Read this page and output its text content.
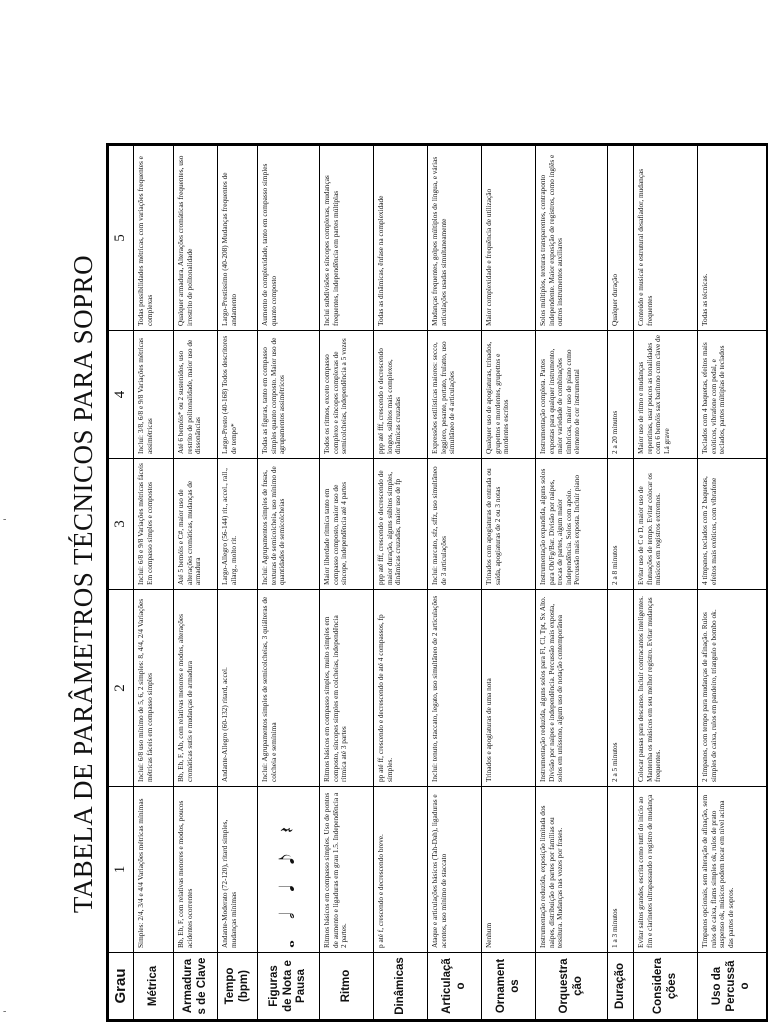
-
-
TABELA DE PARÂMETROS TÉCNICOS PARA SOPRO
Grau	1	2	3	4	5
Métrica	Simples: 2/4, 3/4 e 4/4 Variações métricas mínimas	Inclui: 6/8 uso mínimo de 5, 6, 2 simples: 8, 4/4, 2/4 Variações métricas fáceis em compasso simples	Inclui: 6/8 e 9/8 Variações métricas fáceis Em compasso simples e compostos	Inclui: 3/8, 6/8 e 9/8 Variações métricas assimétricas	Todas possibilidades métricas, com variações frequentes e complexas
Armaduras de Clave	Bb, Eb, F, com relativas menores e modos, poucos acidentes ocorrentes	Bb, Eb, F, Ab, com relativas menores e modos, alterações cromáticas sutis e mudanças de armadura	Até 5 bemóis e C#, maior uso de alterações cromáticas, mudanças de armadura	Até 6 bemóis* ou 2 sustenidos, uso restrito de politonalidade, maior uso de dissonâncias	Qualquer armadura, Alterações cromáticas frequentes, uso irrestrito de politonalidade
Tempo (bpm)	Andante-Moderato (72-120), ritard simples, mudanças mínimas	Andante-Allegro (60-132) ritard, accel.	Largo-Allegro (56-144) rit., accel., rall., allarg., molto rit.	Largo-Presto (40-168) Todos descritores de tempo*	Largo-Prestíssimo (40-208) Mudanças frequentes de andamento
Figuras de Nota e Pausa	𝅝 𝅗𝅥 𝅘𝅥 𝅘𝅥𝅮 𝄽	Inclui: Agrupamentos simples de semicolcheias, 3 quiálteras de colcheia e semínima	Inclui: Agrupamentos simples de fusas, texturas de semicolcheia, uso mínimo de quantidades de semicolcheias	Todas as figuras, tanto em compasso simples quanto composto. Maior uso de agrupamentos assimétricos	Aumento de complexidade, tanto em compasso simples quanto composto
Ritmo	Ritmos básicos em compasso simples. Uso de pontos de aumento e ligaduras em grau 1.5. Independência a 2 partes.	Ritmos básicos em compasso simples, muito simples em composto, síncopes simples em colcheias, independência rítmica até 3 partes	Maior liberdade rítmica tanto em compasso composto, maior uso de síncope, independência até 4 partes	Todos os ritmos, exceto compasso complexo e síncopes complexas de semicolcheias, independência a 5 vozes	Inclui subdivisões e síncopes complexas, mudanças frequentes, independência em partes múltiplas
Dinâmicas	p até f, crescendo e decrescendo breve.	pp até ff, crescendo e decrescendo de até 4 compassos, fp simples.	ppp até fff, crescendo e decrescendo de maior duração, alguns súbitos simples, dinâmicas cruzadas, maior uso de fp	ppp até fff, crescendo e decrescendo longos, súbitos mais complexos, dinâmicas cruzadas	Todas as dinâmicas, ênfase na complexidade
Articulação	Ataque e articulações básicos (Tah-Dah), ligaduras e acentos, uso mínimo de staccato	Inclui: tenuto, staccato, legato, uso simultâneo de 2 articulações	Inclui: marcato, sfz, sffz, uso simultâneo de 3 articulações	Expressões estilísticas maiores: secco, leggiero, pesante, portato, frulatto, uso simultâneo de 4 articulações	Mudanças frequentes, golpes múltiplos de língua, e várias articulações usadas simultaneamente
Ornamentos	Nenhum	Trinados e apogiaturas de uma nota	Trinados com apogiaturas de entrada ou saída, apogiaturas de 2 ou 3 notas	Qualquer uso de apogiaturas, trinados, grupettos e mordentes, grupettos e mordentes escritos	Maior complexidade e frequência de utilização
Orquestração	Instrumentação reduzida, exposição limitada dos naipes, distribuição de partes por famílias ou tessitura. Mudanças nas vozes por frases.	Instrumentação reduzida, alguns solos para Fl, Cl, Tpt, Sx Alto. Divisão por naipes e independência. Percussão mais exposta, solos em uníssono, algum uso de notação contemporânea	Instrumentação expandida, alguns solos para Ob/Fg/Bar. Divisão por naipes, trocas de partes, algum maior independência. Solos com apoio. Percussão mais exposta. Incluir piano	Instrumentação completa. Partes expostas para qualquer instrumento, maior variedade de combinações tímbricas, maior uso de piano como elemento de cor instrumental	Solos múltiplos, texturas transparentes, contraponto independente. Maior exposição de registros, como inglês e outros instrumentos auxiliares
Duração	1 a 3 minutos	2 a 5 minutos	2 a 8 minutos	2 a 20 minutos	Qualquer duração
Considerações	Evitar saltos grandes, escrita como tutti do início ao fim e clarinetes ultrapassando o registro de mudança	Colocar pausas para descanso. Incluir contracantos inteligentes. Mantenha os músicos em seu melhor registro. Evitar mudanças frequentes.	Evitar uso de C e D, maior uso de flutuações de tempo. Evitar colocar os músicos em registros extremos.	Maior uso de ritmo e mudanças repentinas, usar poucos as tonalidades com 6 bemóis sax barítono com clave de Lá grave	Conteúdo e musical e estrutural desafiador, mudanças frequentes
Uso da Percussão	Tímpanos opcionais, sem alteração de afinação, sem rulos de caixa, flams simples ok, rulos de prato suspenso ok, músicos podem tocar em nível acima das partes de sopros.	2 tímpanos, com tempo para mudanças de afinação. Rulos simples de caixa, rulos em pandeiro, triangulo e bombo ok.	4 tímpanos, teclados com 2 baquetas, efeitos mais exóticos, com vibrafone	Teclados com 4 baquetas, efeitos mais exóticos, vibrafone com pedal, e teclados, partes múltiplas de teclados	Todas as técnicas.
